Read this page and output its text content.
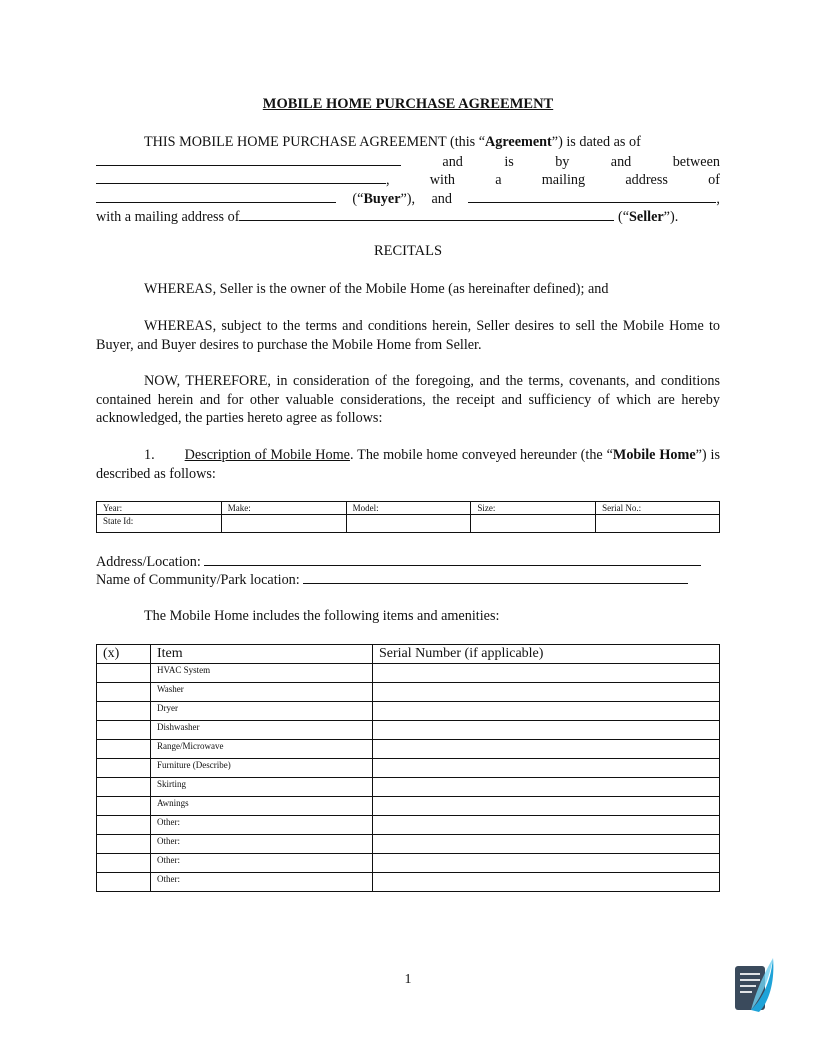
MOBILE HOME PURCHASE AGREEMENT
THIS MOBILE HOME PURCHASE AGREEMENT (this “Agreement”) is dated as of
and	is	by	and	between
,	with	a	mailing	address	of
(“Buyer”), and	,
with a mailing address of	(“Seller”).
RECITALS
WHEREAS, Seller is the owner of the Mobile Home (as hereinafter defined); and
WHEREAS, subject to the terms and conditions herein, Seller desires to sell the Mobile Home to Buyer, and Buyer desires to purchase the Mobile Home from Seller.
NOW, THEREFORE, in consideration of the foregoing, and the terms, covenants, and conditions contained herein and for other valuable considerations, the receipt and sufficiency of which are hereby acknowledged, the parties hereto agree as follows:
1. Description of Mobile Home. The mobile home conveyed hereunder (the “Mobile Home”) is described as follows:
Year:	Make:	Model:	Size:	Serial No.:
State Id:				
Address/Location:
Name of Community/Park location:
The Mobile Home includes the following items and amenities:
(x)	Item	Serial Number (if applicable)
	HVAC System	
	Washer	
	Dryer	
	Dishwasher	
	Range/Microwave	
	Furniture (Describe)	
	Skirting	
	Awnings	
	Other:	
	Other:	
	Other:	
	Other:	
1
